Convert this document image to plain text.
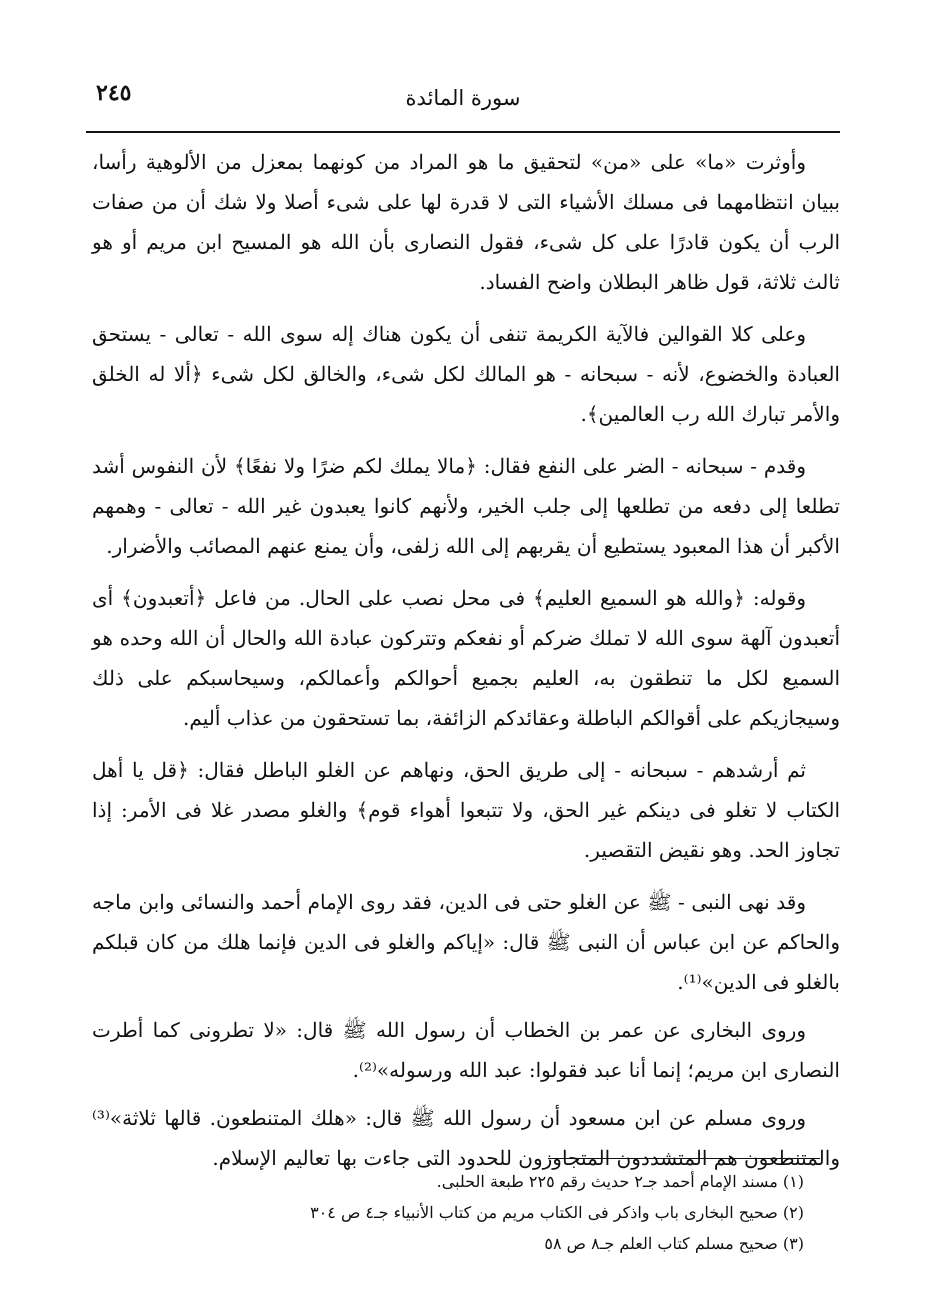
٢٤٥	سورة المائدة

وأوثرت «ما» على «من» لتحقيق ما هو المراد من كونهما بمعزل من الألوهية رأسا، ببيان انتظامهما فى مسلك الأشياء التى لا قدرة لها على شىء أصلا ولا شك أن من صفات الرب أن يكون قادرًا على كل شىء، فقول النصارى بأن الله هو المسيح ابن مريم أو هو ثالث ثلاثة، قول ظاهر البطلان واضح الفساد.

وعلى كلا القوالين فالآية الكريمة تنفى أن يكون هناك إله سوى الله - تعالى - يستحق العبادة والخضوع، لأنه - سبحانه - هو المالك لكل شىء، والخالق لكل شىء ﴿ألا له الخلق والأمر تبارك الله رب العالمين﴾.

وقدم - سبحانه - الضر على النفع فقال: ﴿مالا يملك لكم ضرًا ولا نفعًا﴾ لأن النفوس أشد تطلعا إلى دفعه من تطلعها إلى جلب الخير، ولأنهم كانوا يعبدون غير الله - تعالى - وهمهم الأكبر أن هذا المعبود يستطيع أن يقربهم إلى الله زلفى، وأن يمنع عنهم المصائب والأضرار.

وقوله: ﴿والله هو السميع العليم﴾ فى محل نصب على الحال. من فاعل ﴿أتعبدون﴾ أى أتعبدون آلهة سوى الله لا تملك ضركم أو نفعكم وتتركون عبادة الله والحال أن الله وحده هو السميع لكل ما تنطقون به، العليم بجميع أحوالكم وأعمالكم، وسيحاسبكم على ذلك وسيجازيكم على أقوالكم الباطلة وعقائدكم الزائفة، بما تستحقون من عذاب أليم.

ثم أرشدهم - سبحانه - إلى طريق الحق، ونهاهم عن الغلو الباطل فقال: ﴿قل يا أهل الكتاب لا تغلو فى دينكم غير الحق، ولا تتبعوا أهواء قوم﴾ والغلو مصدر غلا فى الأمر: إذا تجاوز الحد. وهو نقيض التقصير.

وقد نهى النبى - ﷺ عن الغلو حتى فى الدين، فقد روى الإمام أحمد والنسائى وابن ماجه والحاكم عن ابن عباس أن النبى ﷺ قال: «إياكم والغلو فى الدين فإنما هلك من كان قبلكم بالغلو فى الدين»⁽¹⁾.

وروى البخارى عن عمر بن الخطاب أن رسول الله ﷺ قال: «لا تطرونى كما أطرت النصارى ابن مريم؛ إنما أنا عبد فقولوا: عبد الله ورسوله»⁽²⁾.

وروى مسلم عن ابن مسعود أن رسول الله ﷺ قال: «هلك المتنطعون. قالها ثلاثة»⁽³⁾ والمتنطعون هم المتشددون المتجاوزون للحدود التى جاءت بها تعاليم الإسلام.

(١) مسند الإمام أحمد جـ٢ حديث رقم ٢٢٥ طبعة الحلبى.

(٢) صحيح البخارى باب واذكر فى الكتاب مريم من كتاب الأنبياء جـ٤ ص ٣٠٤

(٣) صحيح مسلم كتاب العلم جـ٨ ص ٥٨
